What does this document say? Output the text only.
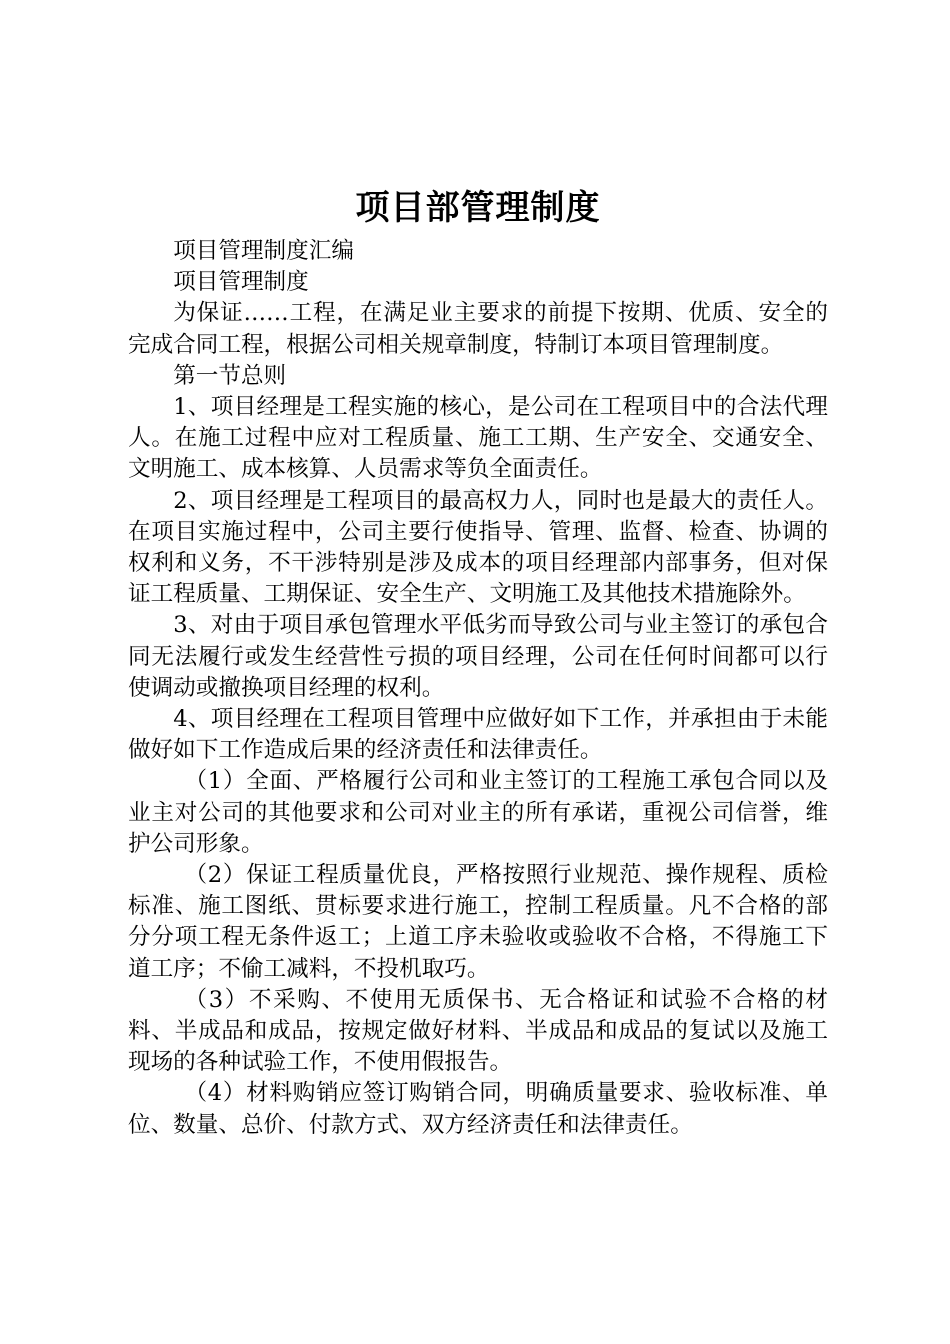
项目部管理制度

项目管理制度汇编

项目管理制度

为保证……工程，在满足业主要求的前提下按期、优质、安全的完成合同工程，根据公司相关规章制度，特制订本项目管理制度。

第一节总则

1、项目经理是工程实施的核心，是公司在工程项目中的合法代理人。在施工过程中应对工程质量、施工工期、生产安全、交通安全、文明施工、成本核算、人员需求等负全面责任。

2、项目经理是工程项目的最高权力人，同时也是最大的责任人。在项目实施过程中，公司主要行使指导、管理、监督、检查、协调的权利和义务，不干涉特别是涉及成本的项目经理部内部事务，但对保证工程质量、工期保证、安全生产、文明施工及其他技术措施除外。

3、对由于项目承包管理水平低劣而导致公司与业主签订的承包合同无法履行或发生经营性亏损的项目经理，公司在任何时间都可以行使调动或撤换项目经理的权利。

4、项目经理在工程项目管理中应做好如下工作，并承担由于未能做好如下工作造成后果的经济责任和法律责任。

（1）全面、严格履行公司和业主签订的工程施工承包合同以及业主对公司的其他要求和公司对业主的所有承诺，重视公司信誉，维护公司形象。

（2）保证工程质量优良，严格按照行业规范、操作规程、质检标准、施工图纸、贯标要求进行施工，控制工程质量。凡不合格的部分分项工程无条件返工；上道工序未验收或验收不合格，不得施工下道工序；不偷工减料，不投机取巧。

（3）不采购、不使用无质保书、无合格证和试验不合格的材料、半成品和成品，按规定做好材料、半成品和成品的复试以及施工现场的各种试验工作，不使用假报告。

（4）材料购销应签订购销合同，明确质量要求、验收标准、单位、数量、总价、付款方式、双方经济责任和法律责任。
